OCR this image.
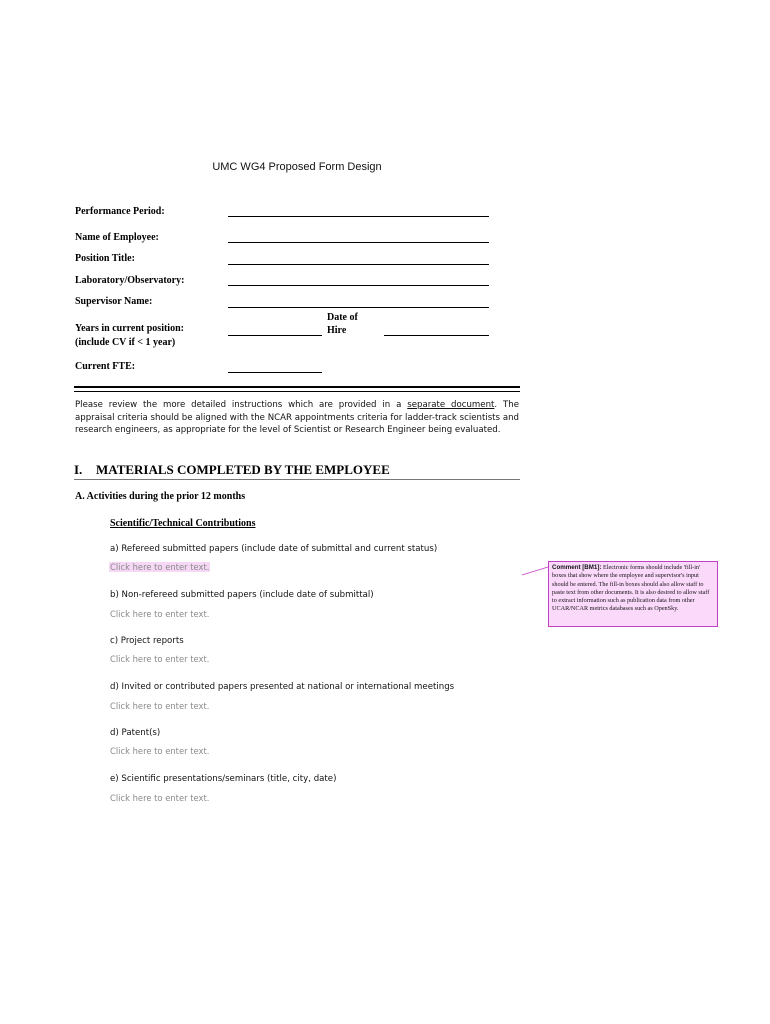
UMC WG4 Proposed Form Design
Performance Period:
Name of Employee:
Position Title:
Laboratory/Observatory:
Supervisor Name:
Years in current position:
(include CV if < 1 year)
Date of
Hire
Current FTE:
Please review the more detailed instructions which are provided in a separate document. The appraisal criteria should be aligned with the NCAR appointments criteria for ladder-track scientists and research engineers, as appropriate for the level of Scientist or Research Engineer being evaluated.
I. MATERIALS COMPLETED BY THE EMPLOYEE
A. Activities during the prior 12 months
Scientific/Technical Contributions
a) Refereed submitted papers (include date of submittal and current status)
Click here to enter text.
b) Non-refereed submitted papers (include date of submittal)
Click here to enter text.
c) Project reports
Click here to enter text.
d) Invited or contributed papers presented at national or international meetings
Click here to enter text.
d) Patent(s)
Click here to enter text.
e) Scientific presentations/seminars (title, city, date)
Click here to enter text.
Comment [BM1]: Electronic forms should include 'fill-in' boxes that show where the employee and supervisor's input should be entered. The fill-in boxes should also allow staff to paste text from other documents. It is also desired to allow staff to extract information such as publication data from other UCAR/NCAR metrics databases such as OpenSky.
